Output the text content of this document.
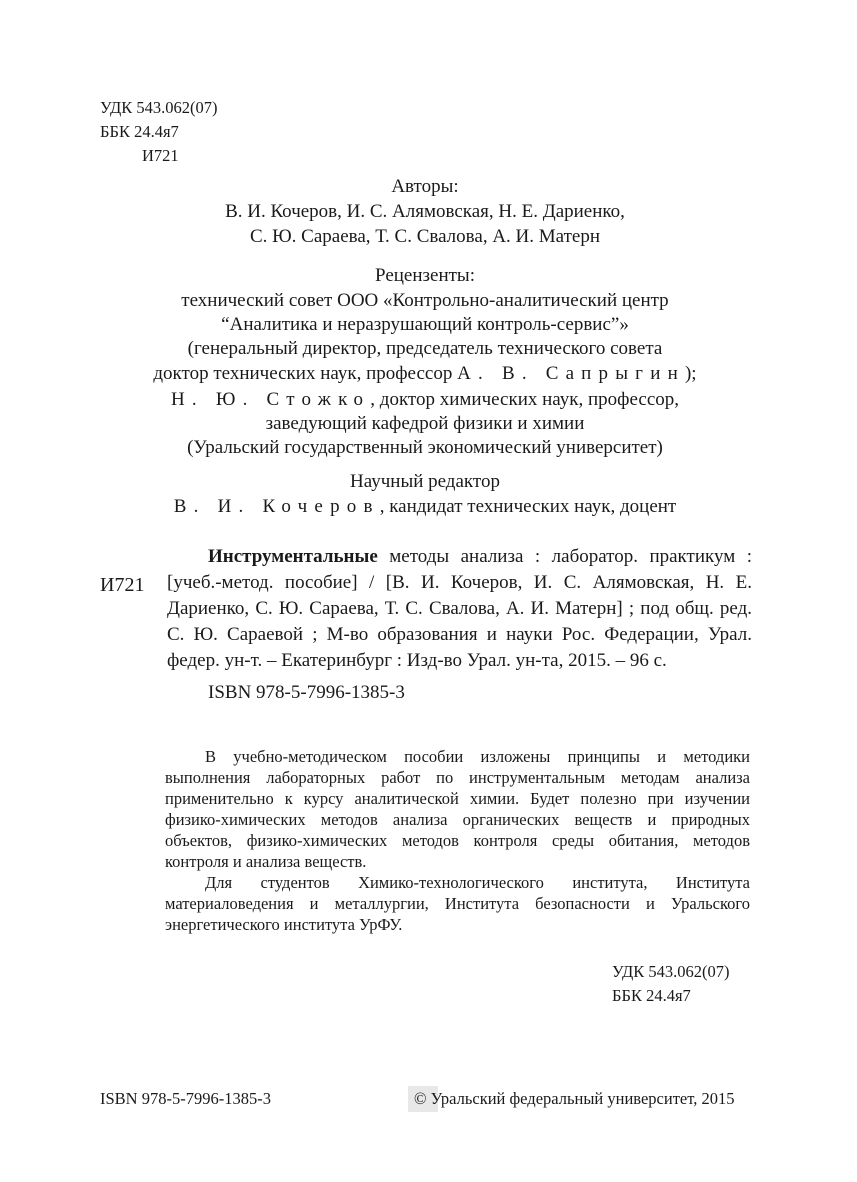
УДК 543.062(07)
ББК 24.4я7
И721
Авторы:
В. И. Кочеров, И. С. Алямовская, Н. Е. Дариенко,
С. Ю. Сараева, Т. С. Свалова, А. И. Матерн
Рецензенты:
технический совет ООО «Контрольно-аналитический центр
“Аналитика и неразрушающий контроль-сервис”»
(генеральный директор, председатель технического совета
доктор технических наук, профессор А. В. Сапрыгин);
Н. Ю. Стожко, доктор химических наук, профессор,
заведующий кафедрой физики и химии
(Уральский государственный экономический университет)
Научный редактор
В. И. Кочеров, кандидат технических наук, доцент
И721
Инструментальные методы анализа : лаборатор. практикум : [учеб.-метод. пособие] / [В. И. Кочеров, И. С. Алямовская, Н. Е. Дариенко, С. Ю. Сараева, Т. С. Свалова, А. И. Матерн] ; под общ. ред. С. Ю. Сараевой ; М-во образования и науки Рос. Федерации, Урал. федер. ун-т. – Екатеринбург : Изд-во Урал. ун-та, 2015. – 96 с.
ISBN 978-5-7996-1385-3

В учебно-методическом пособии изложены принципы и методики выполнения лабораторных работ по инструментальным методам анализа применительно к курсу аналитической химии. Будет полезно при изучении физико-химических методов анализа органических веществ и природных объектов, физико-химических методов контроля среды обитания, методов контроля и анализа веществ.

Для студентов Химико-технологического института, Института материаловедения и металлургии, Института безопасности и Уральского энергетического института УрФУ.

УДК 543.062(07)
ББК 24.4я7
ISBN 978-5-7996-1385-3	© Уральский федеральный университет, 2015
